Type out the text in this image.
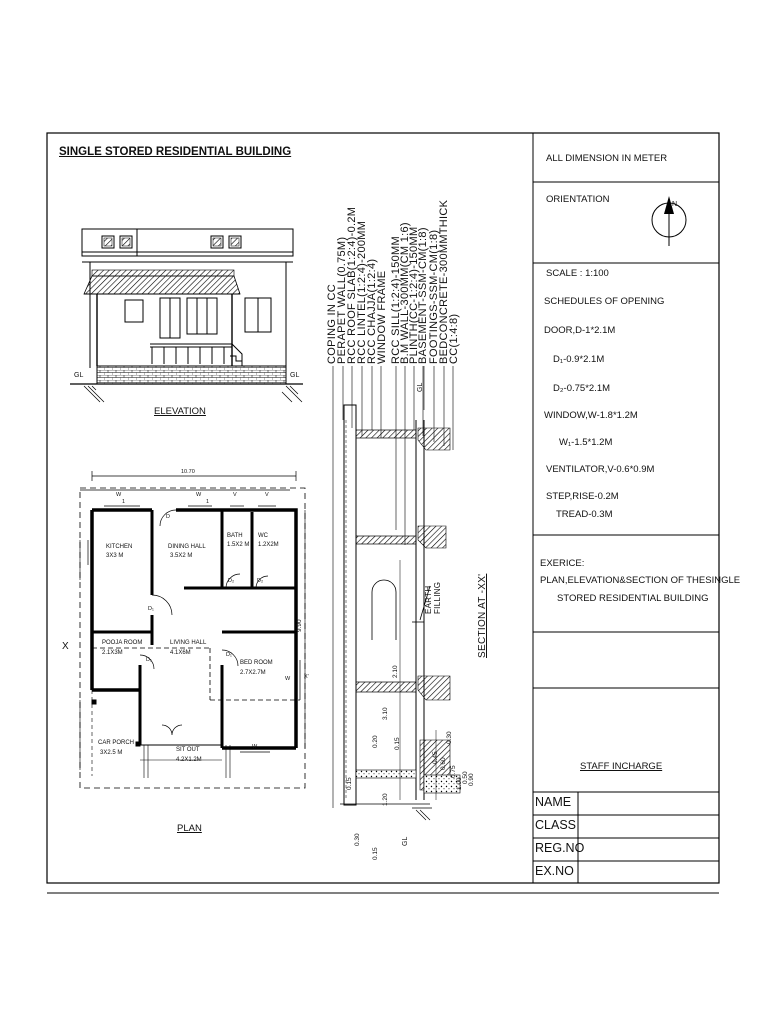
SINGLE STORED RESIDENTIAL BUILDING
ELEVATION
GL	GL
10.70
9.90
W
1
W
1
V	V
D
KITCHEN
3X3 M
DINING HALL
3.5X2 M
BATH
1.5X2 M
WC
1.2X2M
D₂	D₂
D₁
POOJA ROOM
2.1X3M
LIVING HALL
4.1X6M
D₁
D₁
BED ROOM
2.7X2.7M
W
X
X'
CAR PORCH
3X2.5 M	SIT OUT
4.2X1.2M
W
PLAN
COPING IN CC
PERAPET WALL(0.75M)
RCC ROOF SLAB(1:2:4)-0.2M
RCC LINTEL(1:2:4)-200MM
RCC CHAJJA(1:2:4)
WINDOW FRAME RCC SILL(1:2:4)-150MM
B.M WALL-300MM(CM 1:6)
PLINTH(CC-1:2:4)-150MM
BASEMENT-SSM-CM(1:8) FOOTINGS-SSM-CM(1:8)
BEDCONCRETE-300MMTHICK
CC(1:4:8)
GL
SECTION AT -XX'
EARTH FILLING
2.10
3.10
0.20 0.15	0.30
1.20
0.60
0.45
0.75
1.00 0.50 0.90
0.15
0.30
0.15
GL
ALL DIMENSION IN METER
ORIENTATION	N
SCALE : 1:100
SCHEDULES OF OPENING
DOOR,D-1*2.1M
D₁-0.9*2.1M
D₂-0.75*2.1M
WINDOW,W-1.8*1.2M
W₁-1.5*1.2M
VENTILATOR,V-0.6*0.9M
STEP,RISE-0.2M
TREAD-0.3M
EXERICE:
PLAN,ELEVATION&SECTION OF THESINGLE
STORED RESIDENTIAL BUILDING
STAFF INCHARGE
NAME
CLASS
REG.NO
EX.NO
